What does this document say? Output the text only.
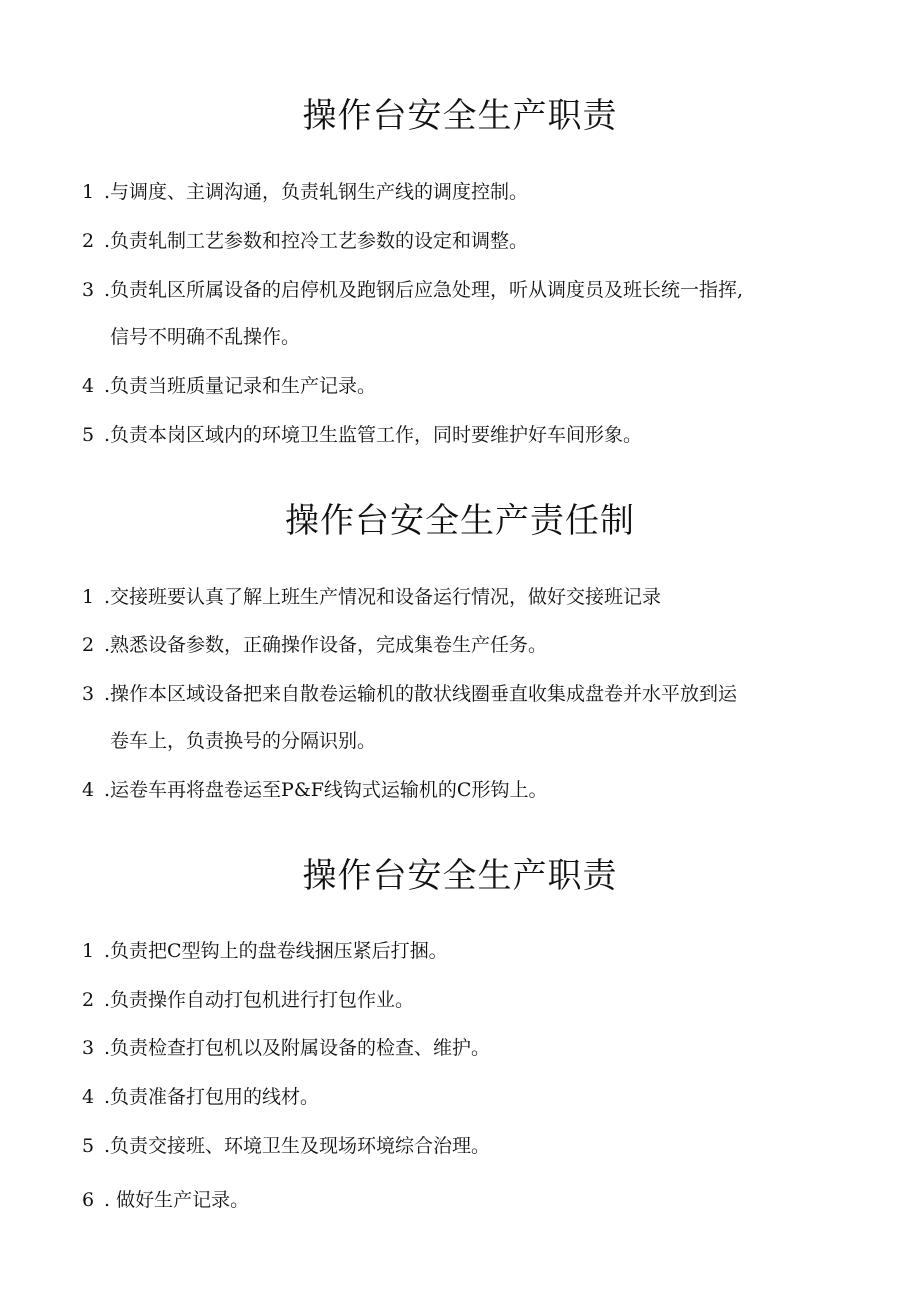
操作台安全生产职责
1 .与调度、主调沟通，负责轧钢生产线的调度控制。
2 .负责轧制工艺参数和控冷工艺参数的设定和调整。
3 .负责轧区所属设备的启停机及跑钢后应急处理，听从调度员及班长统一指挥,
信号不明确不乱操作。
4 .负责当班质量记录和生产记录。
5 .负责本岗区域内的环境卫生监管工作，同时要维护好车间形象。
操作台安全生产责任制
1 .交接班要认真了解上班生产情况和设备运行情况，做好交接班记录
2 .熟悉设备参数，正确操作设备，完成集卷生产任务。
3 .操作本区域设备把来自散卷运输机的散状线圈垂直收集成盘卷并水平放到运
卷车上，负责换号的分隔识别。
4 .运卷车再将盘卷运至P&F线钩式运输机的C形钩上。
操作台安全生产职责
1 .负责把C型钩上的盘卷线捆压紧后打捆。
2 .负责操作自动打包机进行打包作业。
3 .负责检查打包机以及附属设备的检查、维护。
4 .负责准备打包用的线材。
5 .负责交接班、环境卫生及现场环境综合治理。
6 . 做好生产记录。
